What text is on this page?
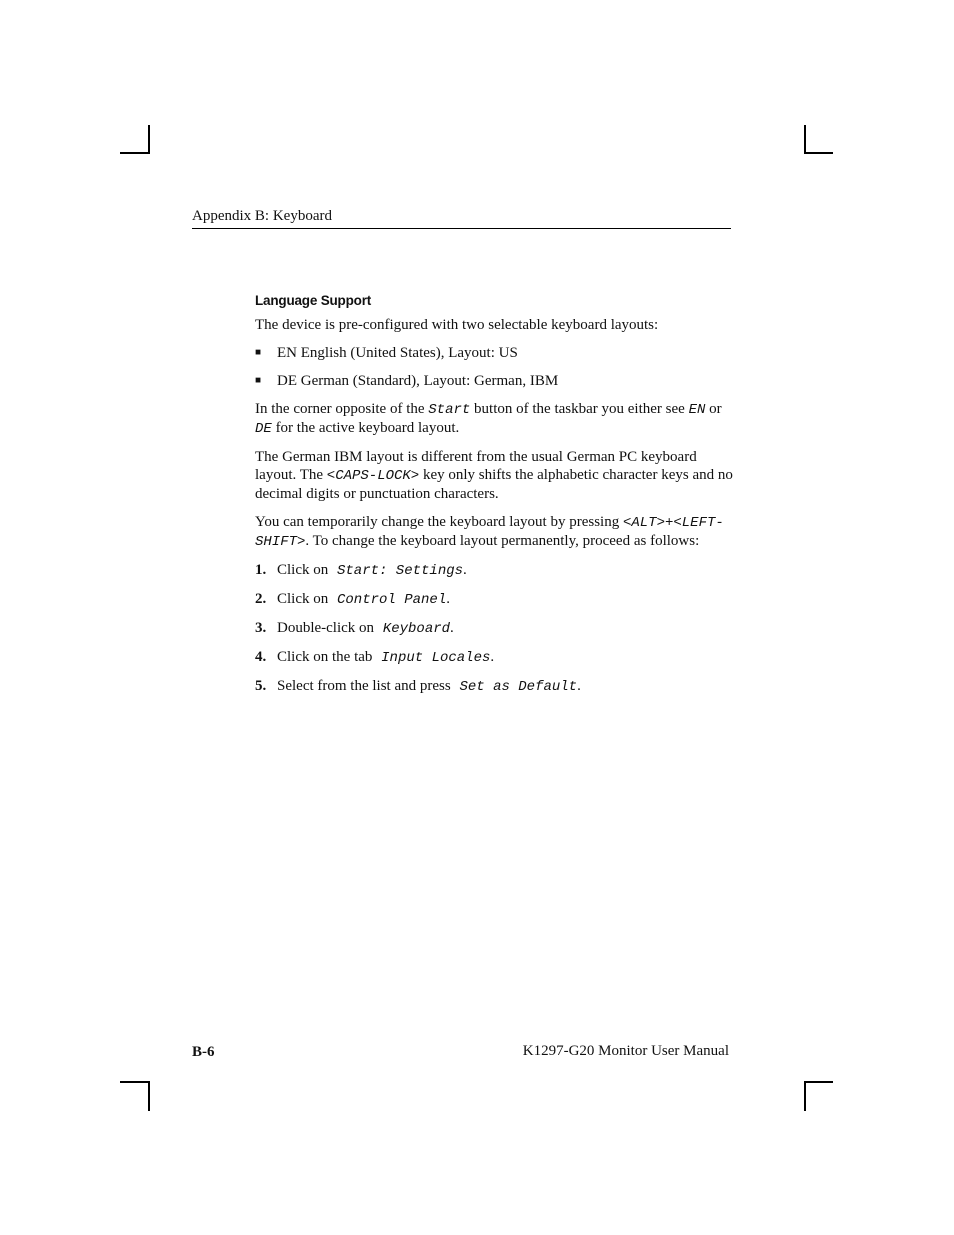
Appendix B: Keyboard
Language Support

The device is pre-configured with two selectable keyboard layouts:

■	EN English (United States), Layout: US
■	DE German (Standard), Layout: German, IBM

In the corner opposite of the Start button of the taskbar you either see EN or DE for the active keyboard layout.

The German IBM layout is different from the usual German PC keyboard layout. The <CAPS-LOCK> key only shifts the alphabetic character keys and no decimal digits or punctuation characters.

You can temporarily change the keyboard layout by pressing <ALT>+<LEFT-SHIFT>. To change the keyboard layout permanently, proceed as follows:

1. Click on Start: Settings.
2. Click on Control Panel.
3. Double-click on Keyboard.
4. Click on the tab Input Locales.
5. Select from the list and press Set as Default.
B-6	K1297-G20 Monitor User Manual
